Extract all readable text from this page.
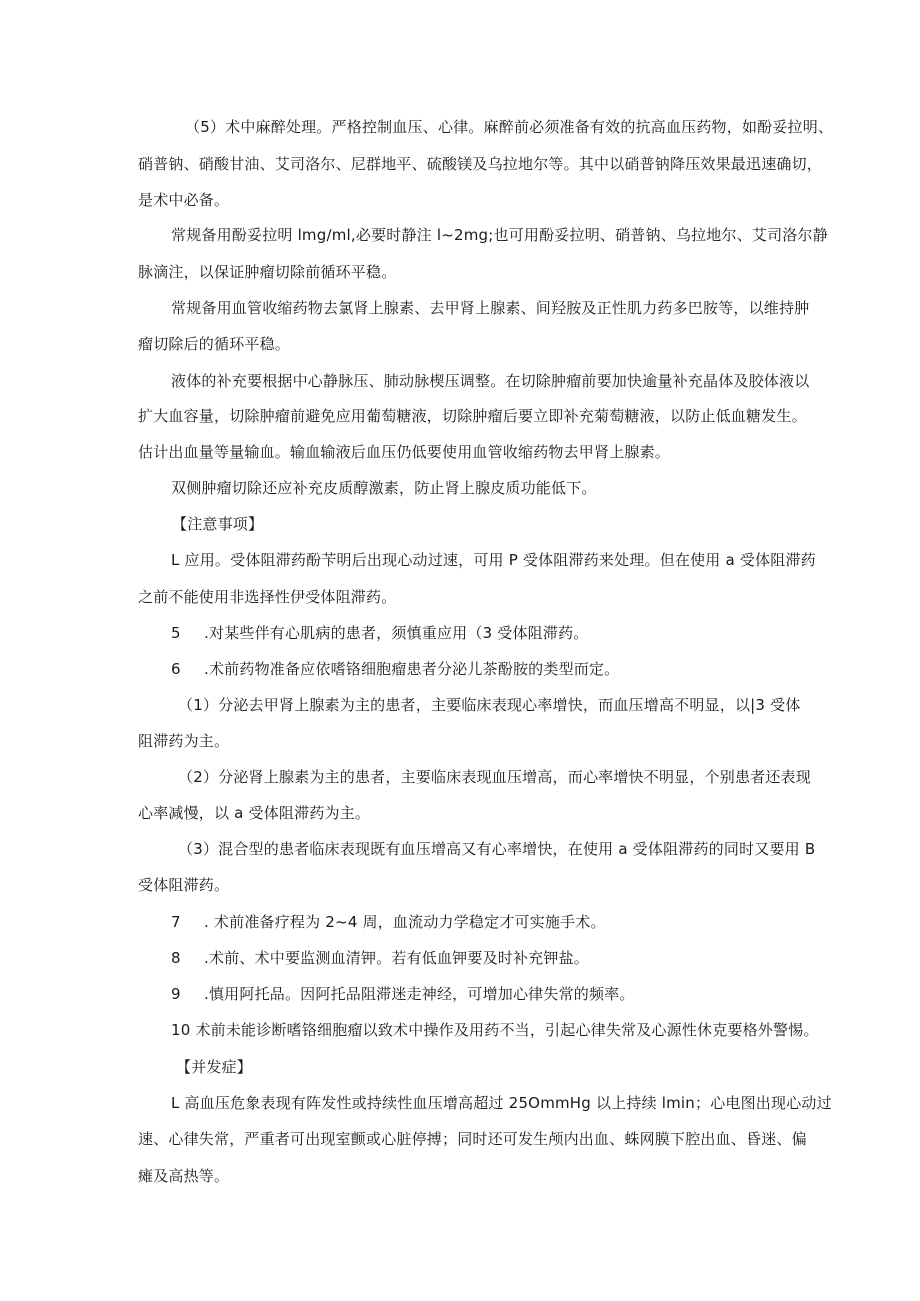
（5）术中麻醉处理。严格控制血压、心律。麻醉前必须准备有效的抗高血压药物，如酚妥拉明、
硝普钠、硝酸甘油、艾司洛尔、尼群地平、硫酸镁及乌拉地尔等。其中以硝普钠降压效果最迅速确切，
是术中必备。
常规备用酚妥拉明 lmg∕ml,必要时静注 l~2mg;也可用酚妥拉明、硝普钠、乌拉地尔、艾司洛尔静
脉滴注，以保证肿瘤切除前循环平稳。
常规备用血管收缩药物去氯肾上腺素、去甲肾上腺素、间羟胺及正性肌力药多巴胺等，以维持肿
瘤切除后的循环平稳。
液体的补充要根据中心静脉压、肺动脉楔压调整。在切除肿瘤前要加快逾量补充晶体及胶体液以
扩大血容量，切除肿瘤前避免应用葡萄糖液，切除肿瘤后要立即补充菊萄糖液，以防止低血糖发生。
估计出血量等量输血。输血输液后血压仍低要使用血管收缩药物去甲肾上腺素。
双侧肿瘤切除还应补充皮质醇激素，防止肾上腺皮质功能低下。
【注意事项】
L 应用。受体阻滞药酚苄明后出现心动过速，可用 P 受体阻滞药来处理。但在使用 a 受体阻滞药
之前不能使用非选择性伊受体阻滞药。
5 .对某些伴有心肌病的患者，须慎重应用（3 受体阻滞药。
6 .术前药物准备应依嗜铬细胞瘤患者分泌儿茶酚胺的类型而定。
（1）分泌去甲肾上腺素为主的患者，主要临床表现心率增快，而血压增高不明显，以|3 受体
阻滞药为主。
（2）分泌肾上腺素为主的患者，主要临床表现血压增高，而心率增快不明显，个别患者还表现
心率减慢，以 a 受体阻滞药为主。
（3）混合型的患者临床表现既有血压增高又有心率增快，在使用 a 受体阻滞药的同时又要用 B
受体阻滞药。
7 . 术前准备疗程为 2~4 周，血流动力学稳定才可实施手术。
8 .术前、术中要监测血清钾。若有低血钾要及时补充钾盐。
9 .慎用阿托品。因阿托品阻滞迷走神经，可增加心律失常的频率。
10 术前未能诊断嗜铬细胞瘤以致术中操作及用药不当，引起心律失常及心源性休克要格外警惕。
【并发症】
L 高血压危象表现有阵发性或持续性血压增高超过 25OmmHg 以上持续 lmin；心电图出现心动过
速、心律失常，严重者可出现室颤或心脏停搏；同时还可发生颅内出血、蛛网膜下腔出血、昏迷、偏
瘫及高热等。
